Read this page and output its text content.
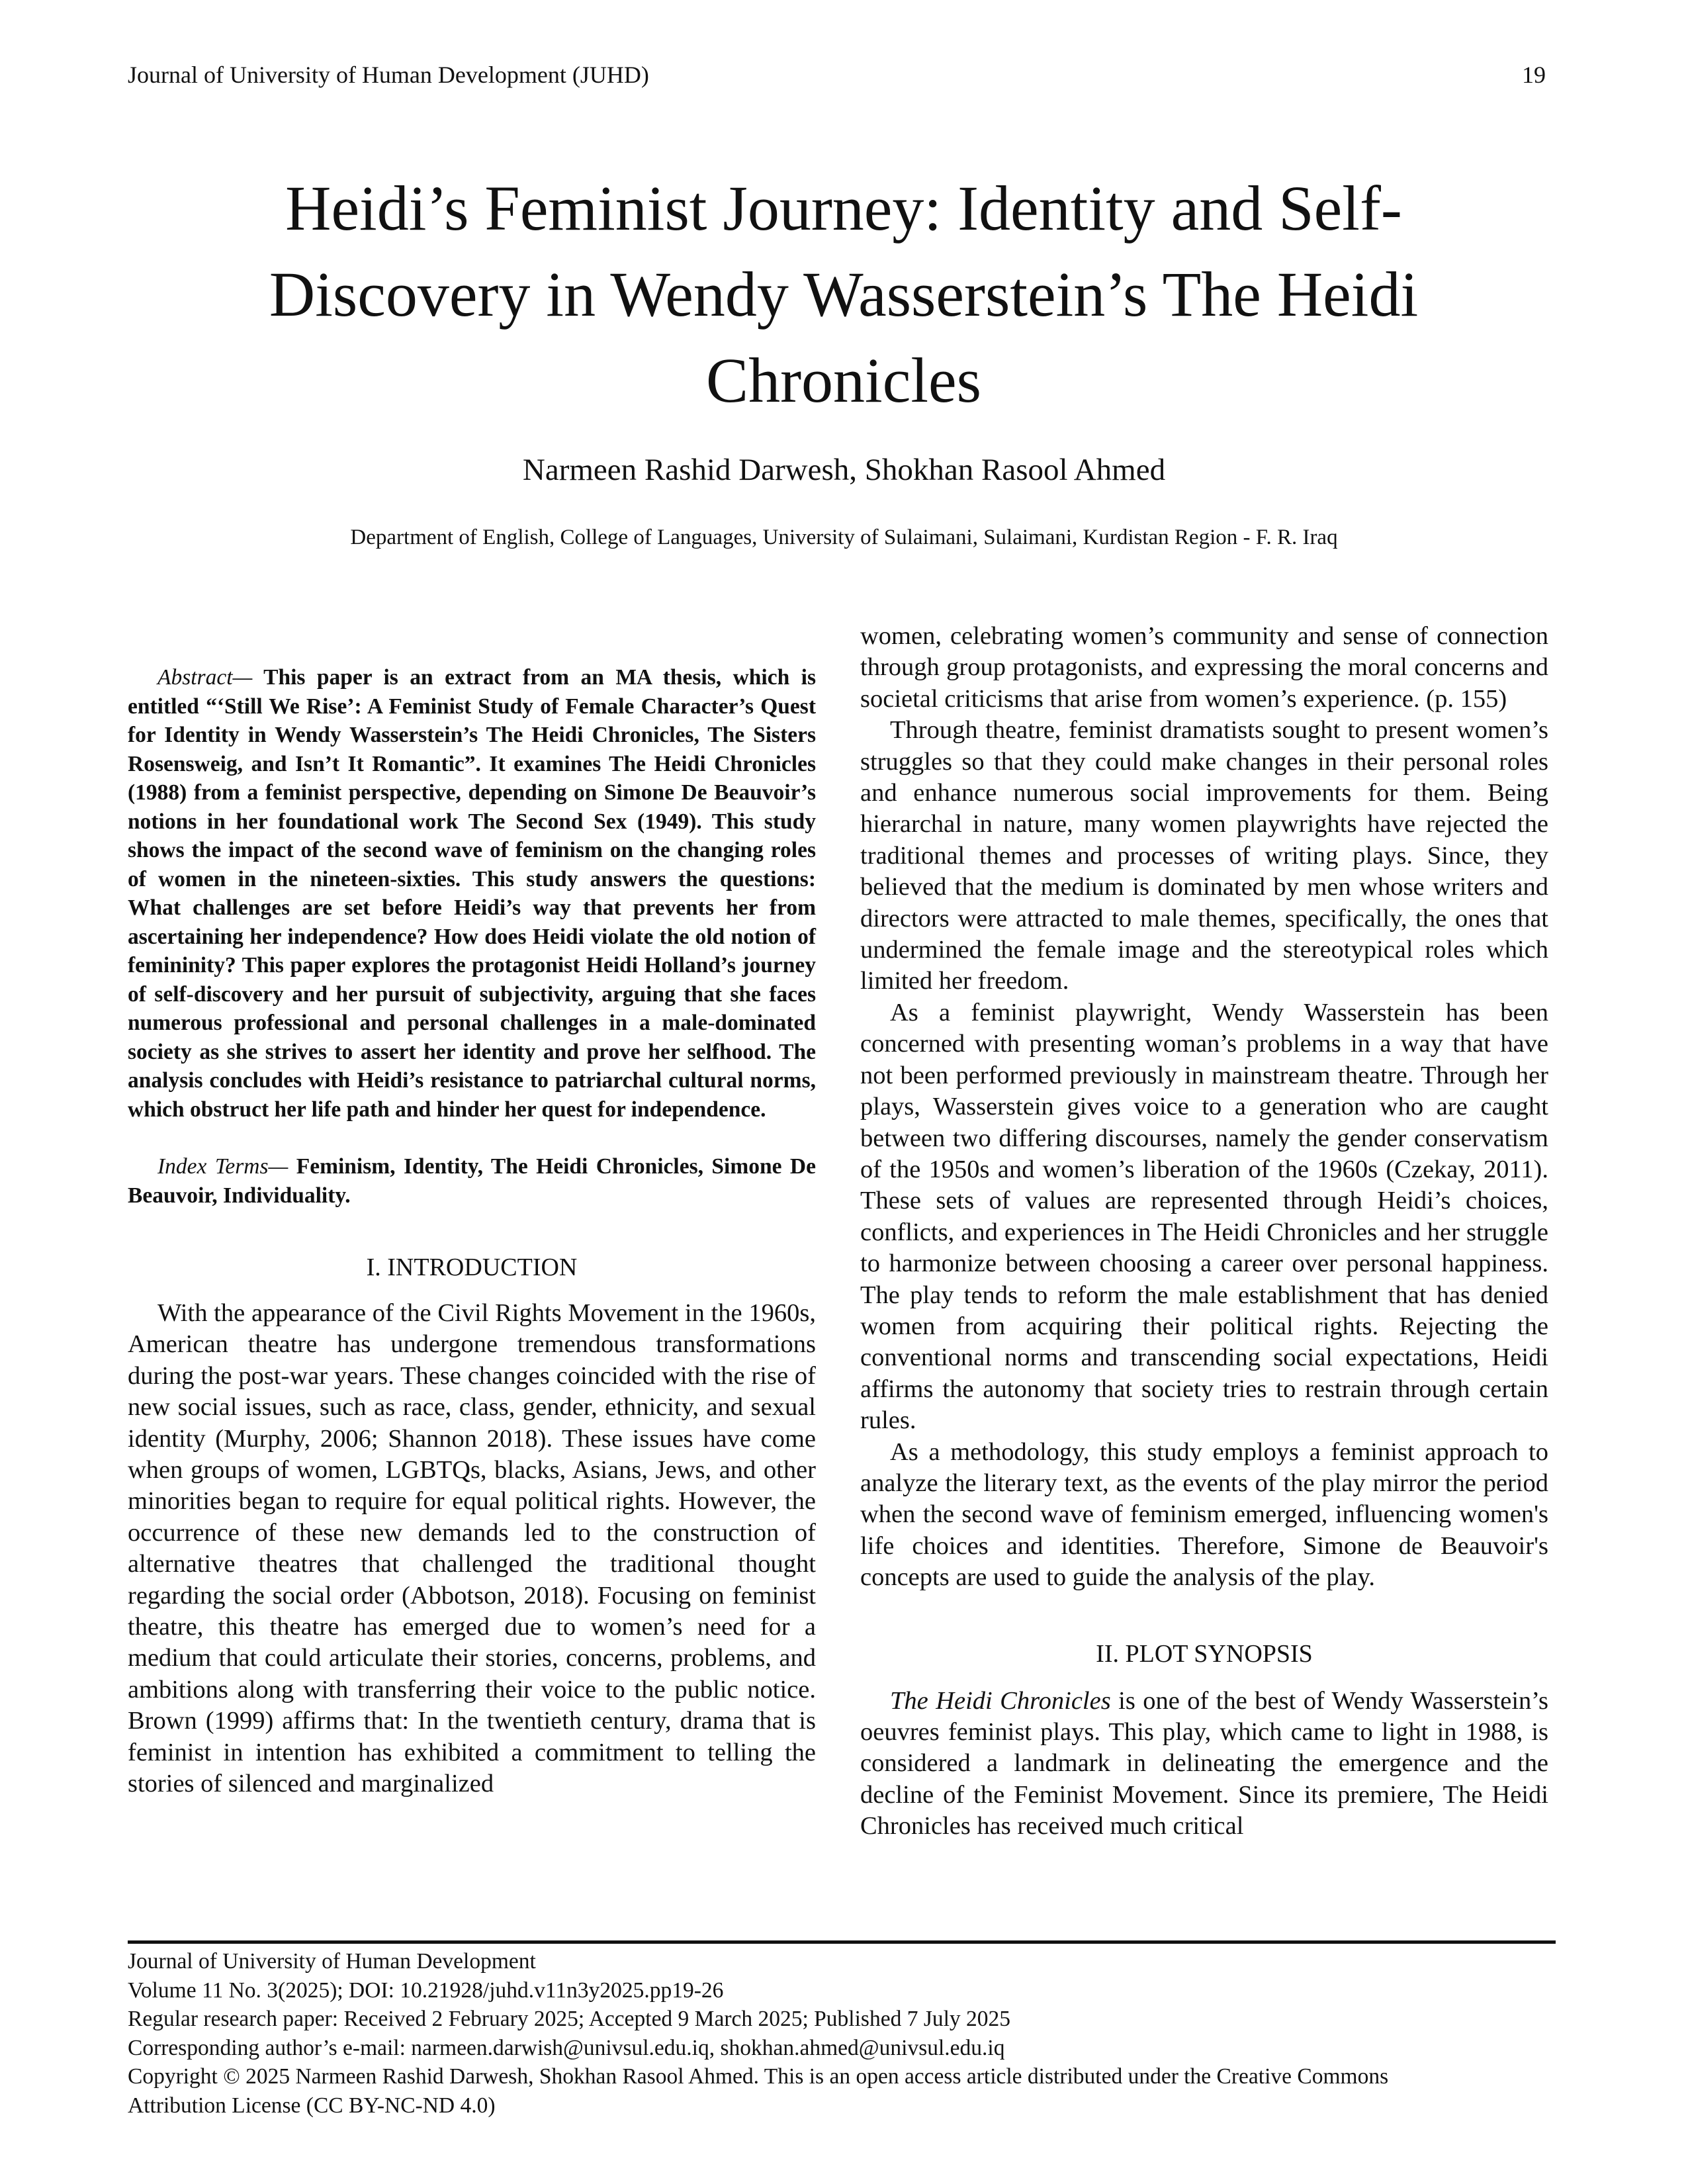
Journal of University of Human Development (JUHD)	19
Heidi’s Feminist Journey: Identity and Self-
Discovery in Wendy Wasserstein’s The Heidi
Chronicles
Narmeen Rashid Darwesh, Shokhan Rasool Ahmed
Department of English, College of Languages, University of Sulaimani, Sulaimani, Kurdistan Region - F. R. Iraq

Abstract— This paper is an extract from an MA thesis, which is entitled “‘Still We Rise’: A Feminist Study of Female Character’s Quest for Identity in Wendy Wasserstein’s The Heidi Chronicles, The Sisters Rosensweig, and Isn’t It Romantic”. It examines The Heidi Chronicles (1988) from a feminist perspective, depending on Simone De Beauvoir’s notions in her foundational work The Second Sex (1949). This study shows the impact of the second wave of feminism on the changing roles of women in the nineteen-sixties. This study answers the questions: What challenges are set before Heidi’s way that prevents her from ascertaining her independence? How does Heidi violate the old notion of femininity? This paper explores the protagonist Heidi Holland’s journey of self-discovery and her pursuit of subjectivity, arguing that she faces numerous professional and personal challenges in a male-dominated society as she strives to assert her identity and prove her selfhood. The analysis concludes with Heidi’s resistance to patriarchal cultural norms, which obstruct her life path and hinder her quest for independence.

Index Terms— Feminism, Identity, The Heidi Chronicles, Simone De Beauvoir, Individuality.

I. INTRODUCTION

With the appearance of the Civil Rights Movement in the 1960s, American theatre has undergone tremendous transformations during the post-war years. These changes coincided with the rise of new social issues, such as race, class, gender, ethnicity, and sexual identity (Murphy, 2006; Shannon 2018). These issues have come when groups of women, LGBTQs, blacks, Asians, Jews, and other minorities began to require for equal political rights. However, the occurrence of these new demands led to the construction of alternative theatres that challenged the traditional thought regarding the social order (Abbotson, 2018). Focusing on feminist theatre, this theatre has emerged due to women’s need for a medium that could articulate their stories, concerns, problems, and ambitions along with transferring their voice to the public notice. Brown (1999) affirms that: In the twentieth century, drama that is feminist in intention has exhibited a commitment to telling the stories of silenced and marginalized

women, celebrating women’s community and sense of connection through group protagonists, and expressing the moral concerns and societal criticisms that arise from women’s experience. (p. 155)

Through theatre, feminist dramatists sought to present women’s struggles so that they could make changes in their personal roles and enhance numerous social improvements for them. Being hierarchal in nature, many women playwrights have rejected the traditional themes and processes of writing plays. Since, they believed that the medium is dominated by men whose writers and directors were attracted to male themes, specifically, the ones that undermined the female image and the stereotypical roles which limited her freedom.

As a feminist playwright, Wendy Wasserstein has been concerned with presenting woman’s problems in a way that have not been performed previously in mainstream theatre. Through her plays, Wasserstein gives voice to a generation who are caught between two differing discourses, namely the gender conservatism of the 1950s and women’s liberation of the 1960s (Czekay, 2011). These sets of values are represented through Heidi’s choices, conflicts, and experiences in The Heidi Chronicles and her struggle to harmonize between choosing a career over personal happiness. The play tends to reform the male establishment that has denied women from acquiring their political rights. Rejecting the conventional norms and transcending social expectations, Heidi affirms the autonomy that society tries to restrain through certain rules.

As a methodology, this study employs a feminist approach to analyze the literary text, as the events of the play mirror the period when the second wave of feminism emerged, influencing women's life choices and identities. Therefore, Simone de Beauvoir's concepts are used to guide the analysis of the play.

II. PLOT SYNOPSIS

The Heidi Chronicles is one of the best of Wendy Wasserstein’s oeuvres feminist plays. This play, which came to light in 1988, is considered a landmark in delineating the emergence and the decline of the Feminist Movement. Since its premiere, The Heidi Chronicles has received much critical

Journal of University of Human Development
Volume 11 No. 3(2025); DOI: 10.21928/juhd.v11n3y2025.pp19-26
Regular research paper: Received 2 February 2025; Accepted 9 March 2025; Published 7 July 2025
Corresponding author’s e-mail: narmeen.darwish@univsul.edu.iq, shokhan.ahmed@univsul.edu.iq
Copyright © 2025 Narmeen Rashid Darwesh, Shokhan Rasool Ahmed. This is an open access article distributed under the Creative Commons
Attribution License (CC BY-NC-ND 4.0)
